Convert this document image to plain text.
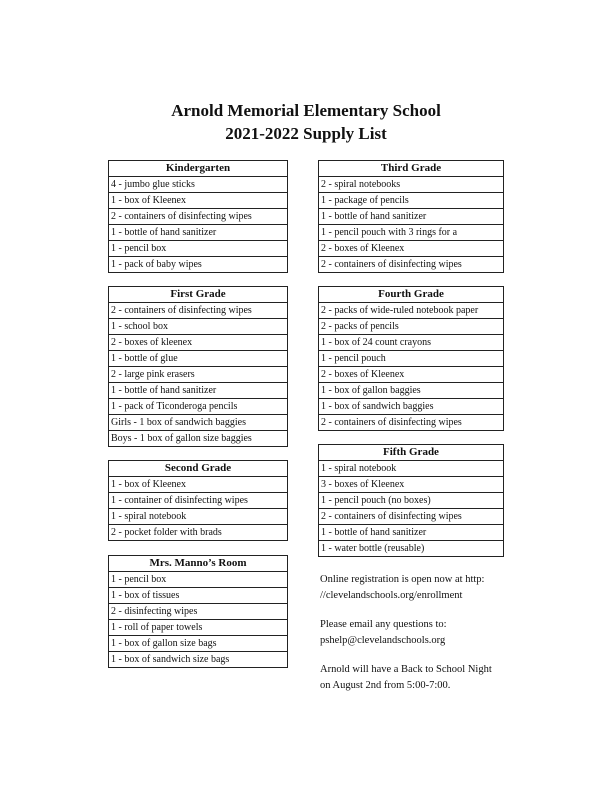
Arnold Memorial Elementary School
2021-2022 Supply List
Kindergarten
4 - jumbo glue sticks
1 - box of Kleenex
2 - containers of disinfecting wipes
1 - bottle of hand sanitizer
1 - pencil box
1 - pack of baby wipes
First Grade
2 - containers of disinfecting wipes
1 - school box
2 - boxes of kleenex
1 - bottle of glue
2 - large pink erasers
1 - bottle of hand sanitizer
1 - pack of Ticonderoga pencils
Girls - 1 box of sandwich baggies
Boys - 1 box of gallon size baggies
Second Grade
1 - box of Kleenex
1 - container of disinfecting wipes
1 - spiral notebook
2 - pocket folder with brads
Mrs. Manno’s Room
1 - pencil box
1 - box of tissues
2 - disinfecting wipes
1 - roll of paper towels
1 - box of gallon size bags
1 - box of sandwich size bags
Third Grade
2 - spiral notebooks
1 - package of pencils
1 - bottle of hand sanitizer
1 - pencil pouch with 3 rings for a
2 - boxes of Kleenex
2 - containers of disinfecting wipes
Fourth Grade
2 - packs of wide-ruled notebook paper
2 - packs of pencils
1 - box of 24 count crayons
1 - pencil pouch
2 - boxes of Kleenex
1 - box of gallon baggies
1 - box of sandwich baggies
2 - containers of disinfecting wipes
Fifth Grade
1 - spiral notebook
3 - boxes of Kleenex
1 - pencil pouch (no boxes)
2 - containers of disinfecting wipes
1 - bottle of hand sanitizer
1 - water bottle (reusable)

Online registration is open now at http:

//clevelandschools.org/enrollment

Please email any questions to:

pshelp@clevelandschools.org

Arnold will have a Back to School Night

on August 2nd from 5:00-7:00.
